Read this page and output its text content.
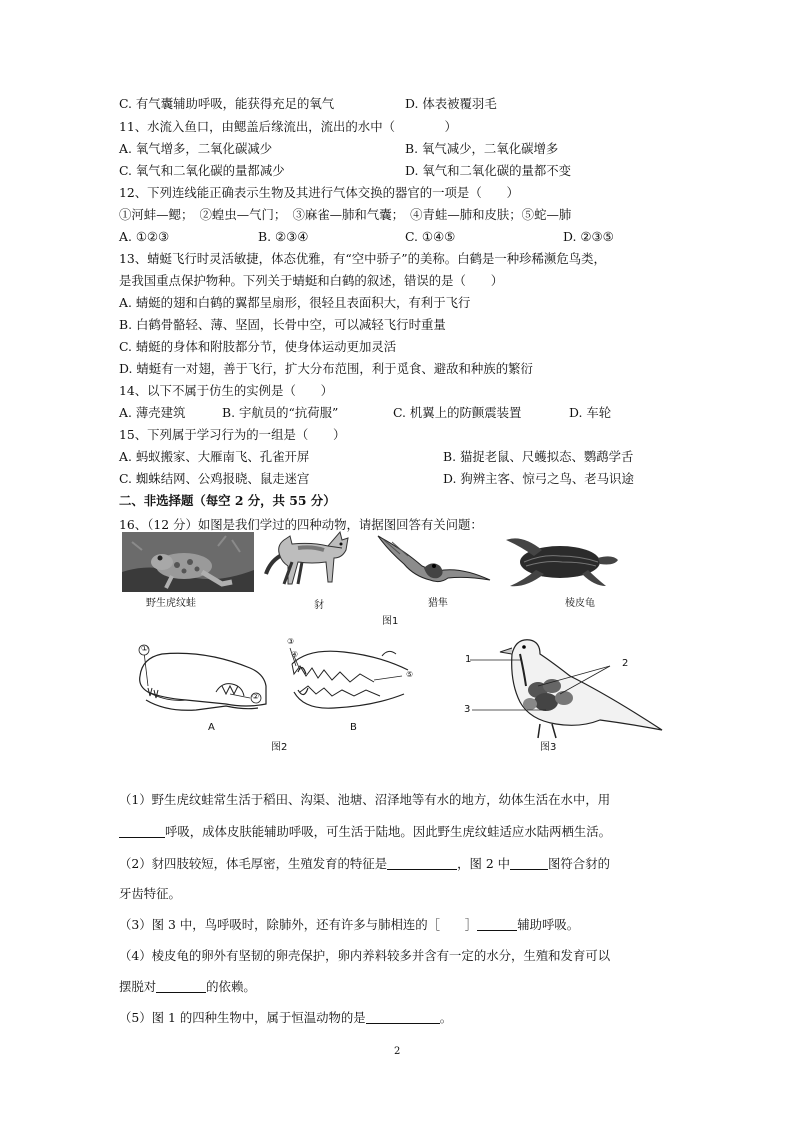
C. 有气囊辅助呼吸，能获得充足的氧气	D. 体表被覆羽毛
11、水流入鱼口，由鳃盖后缘流出，流出的水中（　　　　）
A. 氧气增多，二氧化碳减少	B. 氧气减少，二氧化碳增多
C. 氧气和二氧化碳的量都减少	D. 氧气和二氧化碳的量都不变
12、下列连线能正确表示生物及其进行气体交换的器官的一项是（　　）
①河蚌—鳃；　②蝗虫—气门；　③麻雀—肺和气囊；　④青蛙—肺和皮肤；⑤蛇—肺
A. ①②③	B. ②③④	C. ①④⑤	D. ②③⑤
13、蜻蜓飞行时灵活敏捷，体态优雅，有“空中骄子”的美称。白鹤是一种珍稀濒危鸟类，
是我国重点保护物种。下列关于蜻蜓和白鹤的叙述，错误的是（　　）
A. 蜻蜓的翅和白鹤的翼都呈扇形，很轻且表面积大，有利于飞行
B. 白鹤骨骼轻、薄、坚固，长骨中空，可以减轻飞行时重量
C. 蜻蜓的身体和附肢都分节，使身体运动更加灵活
D. 蜻蜓有一对翅，善于飞行，扩大分布范围，利于觅食、避敌和种族的繁衍
14、以下不属于仿生的实例是（　　）
A. 薄壳建筑	B. 宇航员的“抗荷服”	C. 机翼上的防颤震装置	D. 车轮
15、下列属于学习行为的一组是（　　）
A. 蚂蚁搬家、大雁南飞、孔雀开屏	B. 猫捉老鼠、尺蠖拟态、鹦鹉学舌
C. 蜘蛛结网、公鸡报晓、鼠走迷宫	D. 狗辨主客、惊弓之鸟、老马识途
二、非选择题（每空 2 分，共 55 分）
16、（12 分）如图是我们学过的四种动物，请据图回答有关问题：
野生虎纹蛙	豺	猎隼	棱皮龟
图1
①
②
A
③
④
⑤
B
图2
1	2
3
图3
（1）野生虎纹蛙常生活于稻田、沟渠、池塘、沼泽地等有水的地方，幼体生活在水中，用
呼吸，成体皮肤能辅助呼吸，可生活于陆地。因此野生虎纹蛙适应水陆两栖生活。
（2）豺四肢较短，体毛厚密，生殖发育的特征是	，图 2 中	图符合豺的
牙齿特征。
（3）图 3 中，鸟呼吸时，除肺外，还有许多与肺相连的［　　］	辅助呼吸。
（4）棱皮龟的卵外有坚韧的卵壳保护，卵内养料较多并含有一定的水分，生殖和发育可以
摆脱对	的依赖。
（5）图 1 的四种生物中，属于恒温动物的是	。
2
